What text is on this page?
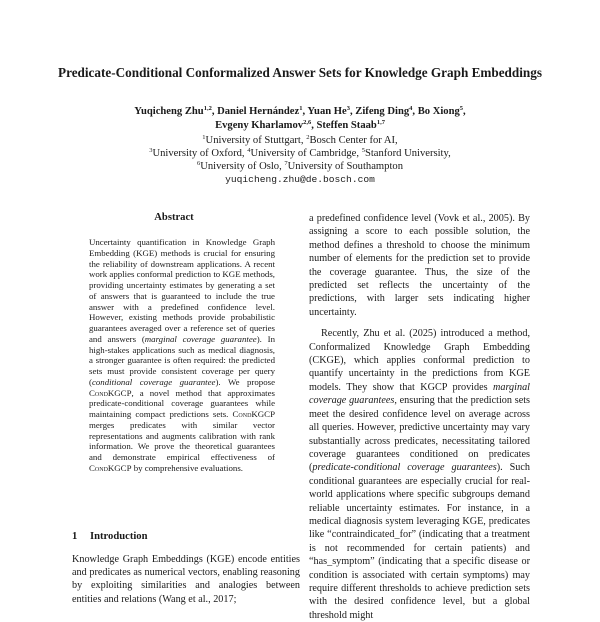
Predicate-Conditional Conformalized Answer Sets for Knowledge Graph Embeddings
Yuqicheng Zhu$^{1,2}$, Daniel Hernández$^1$, Yuan He$^3$, Zifeng Ding$^4$, Bo Xiong$^5$,
Evgeny Kharlamov$^{2,6}$, Steffen Staab$^{1,7}$
$^1$University of Stuttgart, $^2$Bosch Center for AI,
$^3$University of Oxford, $^4$University of Cambridge, $^5$Stanford University,
$^6$University of Oslo, $^7$University of Southampton
yuqicheng.zhu@de.bosch.com
Abstract

Uncertainty quantification in Knowledge Graph Embedding (KGE) methods is crucial for ensuring the reliability of downstream applications. A recent work applies conformal prediction to KGE methods, providing uncertainty estimates by generating a set of answers that is guaranteed to include the true answer with a predefined confidence level. However, existing methods provide probabilistic guarantees averaged over a reference set of queries and answers (marginal coverage guarantee). In high-stakes applications such as medical diagnosis, a stronger guarantee is often required: the predicted sets must provide consistent coverage per query (conditional coverage guarantee). We propose CondKGCP, a novel method that approximates predicate-conditional coverage guarantees while maintaining compact predictions sets. CondKGCP merges predicates with similar vector representations and augments calibration with rank information. We prove the theoretical guarantees and demonstrate empirical effectiveness of CondKGCP by comprehensive evaluations.

1 Introduction

Knowledge Graph Embeddings (KGE) encode entities and predicates as numerical vectors, enabling reasoning by exploiting similarities and analogies between entities and relations (Wang et al., 2017;

a predefined confidence level (Vovk et al., 2005). By assigning a score to each possible solution, the method defines a threshold to choose the minimum number of elements for the prediction set to provide the coverage guarantee. Thus, the size of the predicted set reflects the uncertainty of the predictions, with larger sets indicating higher uncertainty.

Recently, Zhu et al. (2025) introduced a method, Conformalized Knowledge Graph Embedding (CKGE), which applies conformal prediction to quantify uncertainty in the predictions from KGE models. They show that KGCP provides marginal coverage guarantees, ensuring that the prediction sets meet the desired confidence level on average across all queries. However, predictive uncertainty may vary substantially across predicates, necessitating tailored coverage guarantees conditioned on predicates (predicate-conditional coverage guarantees). Such conditional guarantees are especially crucial for real-world applications where specific subgroups demand reliable uncertainty estimates. For instance, in a medical diagnosis system leveraging KGE, predicates like “contraindicated_for” (indicating that a treatment is not recommended for certain patients) and “has_symptom” (indicating that a specific disease or condition is associated with certain symptoms) may require different thresholds to achieve prediction sets with the desired confidence level, but a global threshold might
